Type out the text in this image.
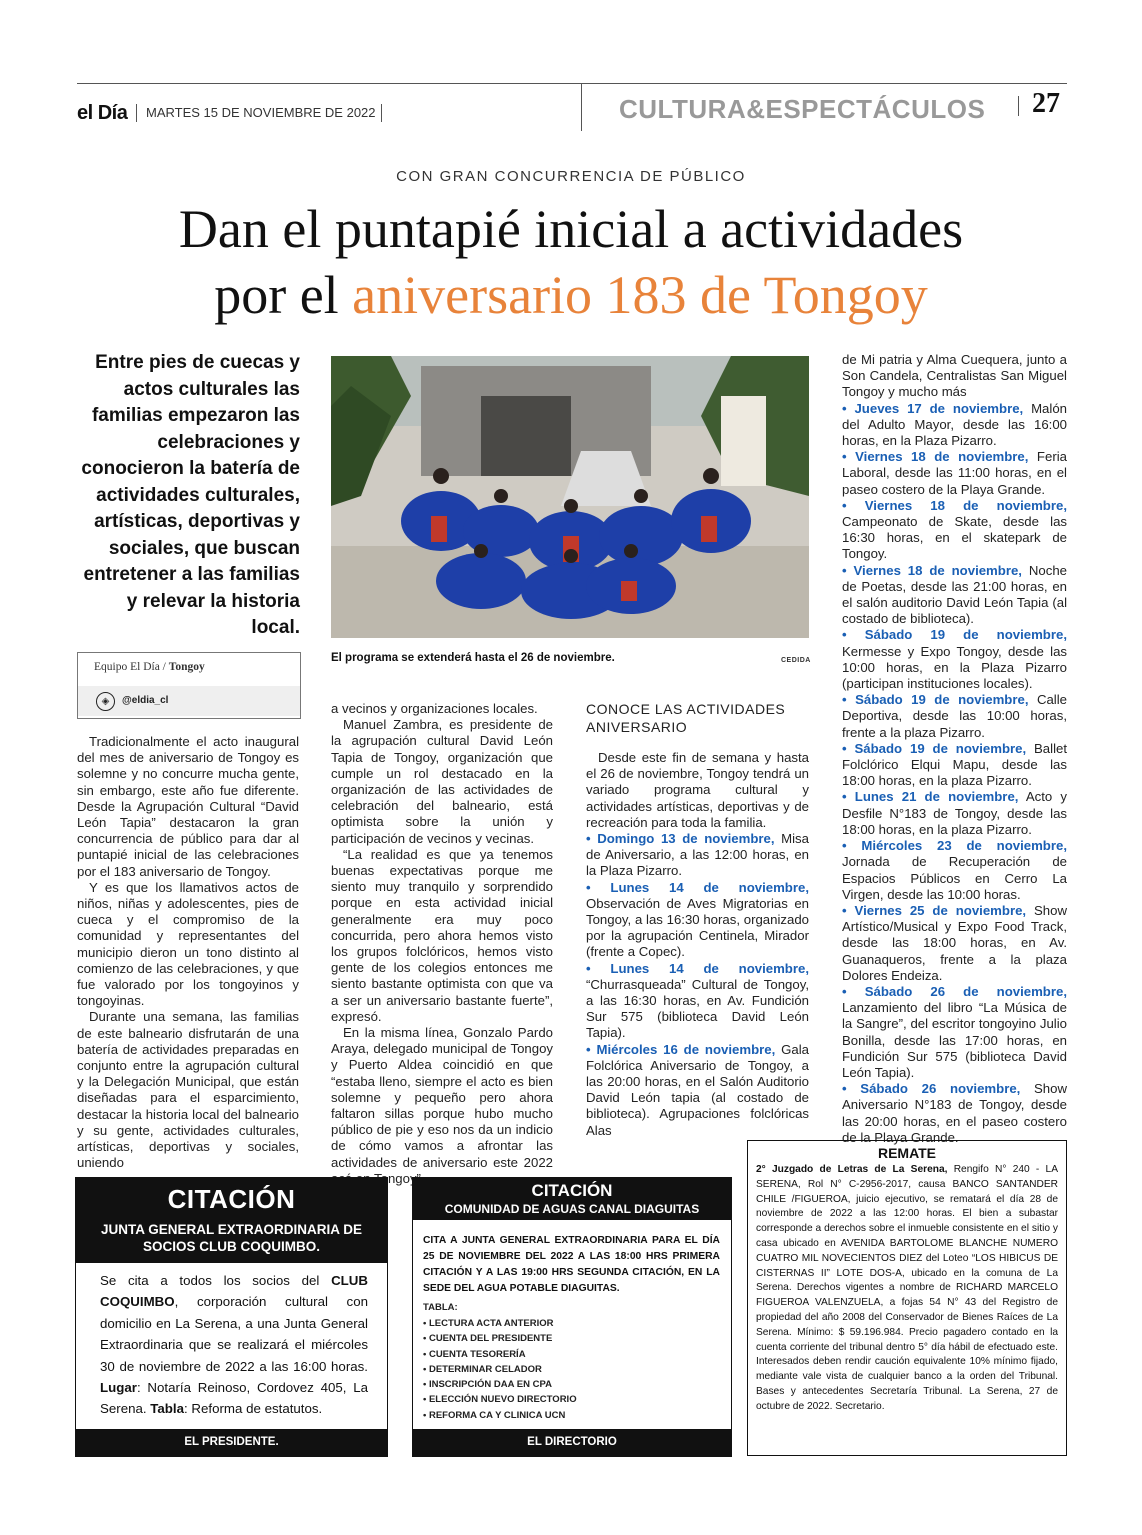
el Día MARTES 15 DE NOVIEMBRE DE 2022	CULTURA&ESPECTÁCULOS 27
CON GRAN CONCURRENCIA DE PÚBLICO
Dan el puntapié inicial a actividades
por el aniversario 183 de Tongoy
Entre pies de cuecas y actos culturales las familias empezaron las celebraciones y conocieron la batería de actividades culturales, artísticas, deportivas y sociales, que buscan entretener a las familias y relevar la historia local.
El programa se extenderá hasta el 26 de noviembre.	CEDIDA
Equipo El Día / Tongoy
◈	@eldia_cl

Tradicionalmente el acto inaugural del mes de aniversario de Tongoy es solemne y no concurre mucha gente, sin embargo, este año fue diferente. Desde la Agrupación Cultural “David León Tapia” destacaron la gran concurrencia de público para dar al puntapié inicial de las celebraciones por el 183 aniversario de Tongoy.

Y es que los llamativos actos de niños, niñas y adolescentes, pies de cueca y el compromiso de la comunidad y representantes del municipio dieron un tono distinto al comienzo de las celebraciones, y que fue valorado por los tongoyinos y tongoyinas.

Durante una semana, las familias de este balneario disfrutarán de una batería de actividades preparadas en conjunto entre la agrupación cultural y la Delegación Municipal, que están diseñadas para el esparcimiento, destacar la historia local del balneario y su gente, actividades culturales, artísticas, deportivas y sociales, uniendo

a vecinos y organizaciones locales.

Manuel Zambra, es presidente de la agrupación cultural David León Tapia de Tongoy, organización que cumple un rol destacado en la organización de las actividades de celebración del balneario, está optimista sobre la unión y participación de vecinos y vecinas.

“La realidad es que ya tenemos buenas expectativas porque me siento muy tranquilo y sorprendido porque en esta actividad inicial generalmente era muy poco concurrida, pero ahora hemos visto los grupos folclóricos, hemos visto gente de los colegios entonces me siento bastante optimista con que va a ser un aniversario bastante fuerte”, expresó.

En la misma línea, Gonzalo Pardo Araya, delegado municipal de Tongoy y Puerto Aldea coincidió en que “estaba lleno, siempre el acto es bien solemne y pequeño pero ahora faltaron sillas porque hubo mucho público de pie y eso nos da un indicio de cómo vamos a afrontar las actividades de aniversario este 2022 Tongoy”.

CONOCE LAS ACTIVIDADES ANIVERSARIO

Desde este fin de semana y hasta el 26 de noviembre, Tongoy tendrá un variado programa cultural y actividades artísticas, deportivas y de recreación para toda la familia.

• Domingo 13 de noviembre, Misa de Aniversario, a las 12:00 horas, en la Plaza Pizarro.
• Lunes 14 de noviembre, Observación de Aves Migratorias en Tongoy, a las 16:30 horas, organizado por la agrupación Centinela, Mirador (frente a Copec).
• Lunes 14 de noviembre, “Churrasqueada” Cultural de Tongoy, a las 16:30 horas, en Av. Fundición Sur 575 (biblioteca David León Tapia).
• Miércoles 16 de noviembre, Gala Folclórica Aniversario de Tongoy, a las 20:00 horas, en el Salón Auditorio David León tapia (al costado de biblioteca). Agrupaciones folclóricas Alas
de Mi patria y Alma Cuequera, junto a Son Candela, Centralistas San Miguel Tongoy y mucho más
• Jueves 17 de noviembre, Malón del Adulto Mayor, desde las 16:00 horas, en la Plaza Pizarro.
• Viernes 18 de noviembre, Feria Laboral, desde las 11:00 horas, en el paseo costero de la Playa Grande.
• Viernes 18 de noviembre, Campeonato de Skate, desde las 16:30 horas, en el skatepark de Tongoy.
• Viernes 18 de noviembre, Noche de Poetas, desde las 21:00 horas, en el salón auditorio David León Tapia (al costado de biblioteca).
• Sábado 19 de noviembre, Kermesse y Expo Tongoy, desde las 10:00 horas, en la Plaza Pizarro (participan instituciones locales).
• Sábado 19 de noviembre, Calle Deportiva, desde las 10:00 horas, frente a la plaza Pizarro.
• Sábado 19 de noviembre, Ballet Folclórico Elqui Mapu, desde las 18:00 horas, en la plaza Pizarro.
• Lunes 21 de noviembre, Acto y Desfile N°183 de Tongoy, desde las 18:00 horas, en la plaza Pizarro.
• Miércoles 23 de noviembre, Jornada de Recuperación de Espacios Públicos en Cerro La Virgen, desde las 10:00 horas.
• Viernes 25 de noviembre, Show Artístico/Musical y Expo Food Track, desde las 18:00 horas, en Av. Guanaqueros, frente a la plaza Dolores Endeiza.
• Sábado 26 de noviembre, Lanzamiento del libro “La Música de la Sangre”, del escritor tongoyino Julio Bonilla, desde las 17:00 horas, en Fundición Sur 575 (biblioteca David León Tapia).
• Sábado 26 noviembre, Show Aniversario N°183 de Tongoy, desde las 20:00 horas, en el paseo costero de la Playa Grande.
CITACIÓN
JUNTA GENERAL EXTRAORDINARIA DE SOCIOS CLUB COQUIMBO.
Se cita a todos los socios del CLUB COQUIMBO, corporación cultural con domicilio en La Serena, a una Junta General Extraordinaria que se realizará el miércoles 30 de noviembre de 2022 a las 16:00 horas. Lugar: Notaría Reinoso, Cordovez 405, La Serena. Tabla: Reforma de estatutos.
EL PRESIDENTE.
CITACIÓN
COMUNIDAD DE AGUAS CANAL DIAGUITAS
CITA A JUNTA GENERAL EXTRAORDINARIA PARA EL DÍA 25 DE NOVIEMBRE DEL 2022 A LAS 18:00 HRS PRIMERA CITACIÓN Y A LAS 19:00 HRS SEGUNDA CITACIÓN, EN LA SEDE DEL AGUA POTABLE DIAGUITAS.
TABLA:
• LECTURA ACTA ANTERIOR
• CUENTA DEL PRESIDENTE
• CUENTA TESORERÍA
• DETERMINAR CELADOR
• INSCRIPCIÓN DAA EN CPA
• ELECCIÓN NUEVO DIRECTORIO
• REFORMA CA Y CLINICA UCN
EL DIRECTORIO
REMATE
2° Juzgado de Letras de La Serena, Rengifo N° 240 - LA SERENA, Rol N° C-2956-2017, causa BANCO SANTANDER CHILE /FIGUEROA, juicio ejecutivo, se rematará el día 28 de noviembre de 2022 a las 12:00 horas. El bien a subastar corresponde a derechos sobre el inmueble consistente en el sitio y casa ubicado en AVENIDA BARTOLOME BLANCHE NUMERO CUATRO MIL NOVECIENTOS DIEZ del Loteo “LOS HIBICUS DE CISTERNAS II” LOTE DOS-A, ubicado en la comuna de La Serena. Derechos vigentes a nombre de RICHARD MARCELO FIGUEROA VALENZUELA, a fojas 54 N° 43 del Registro de propiedad del año 2008 del Conservador de Bienes Raíces de La Serena. Mínimo: $ 59.196.984. Precio pagadero contado en la cuenta corriente del tribunal dentro 5° día hábil de efectuado este. Interesados deben rendir caución equivalente 10% mínimo fijado, mediante vale vista de cualquier banco a la orden del Tribunal. Bases y antecedentes Secretaría Tribunal. La Serena, 27 de octubre de 2022. Secretario.
